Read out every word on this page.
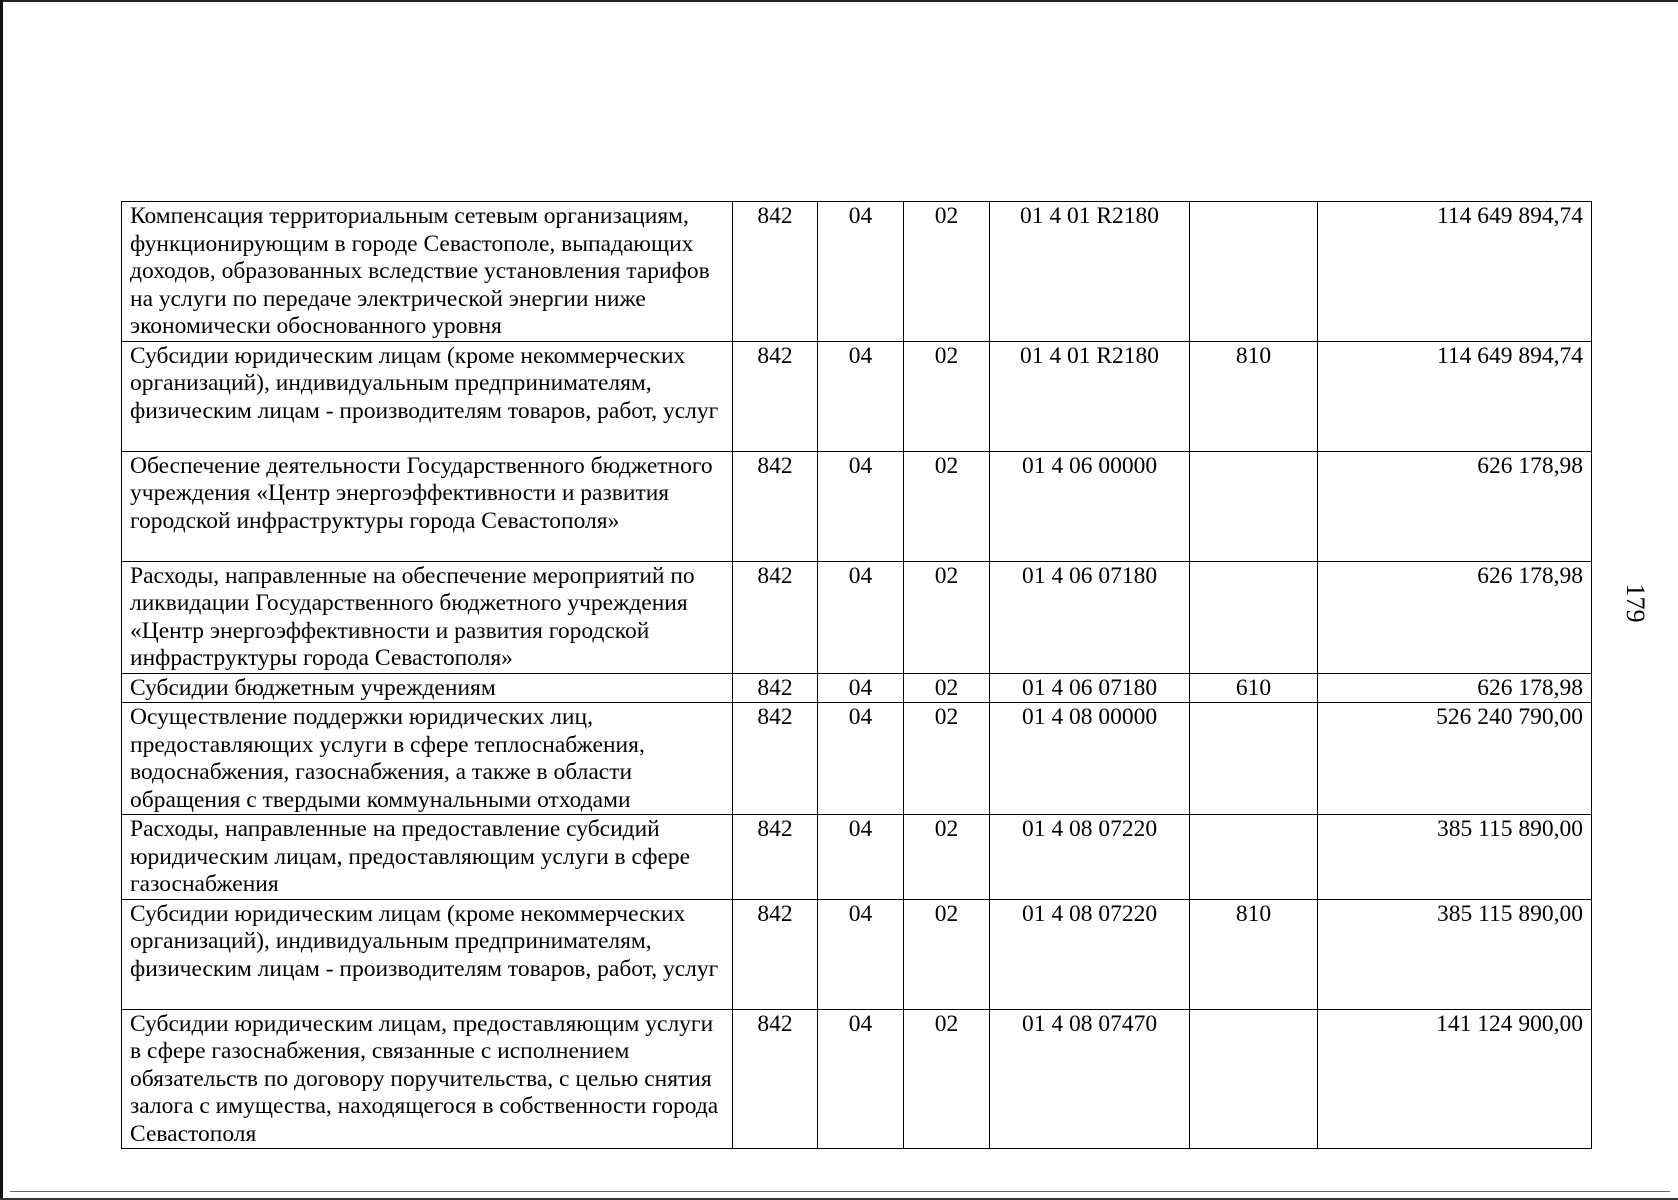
179
Компенсация территориальным сетевым организациям, функционирующим в городе Севастополе, выпадающих доходов, образованных вследствие установления тарифов на услуги по передаче электрической энергии ниже экономически обоснованного уровня	842	04	02	01 4 01 R2180		114 649 894,74
Субсидии юридическим лицам (кроме некоммерческих организаций), индивидуальным предпринимателям, физическим лицам - производителям товаров, работ, услуг	842	04	02	01 4 01 R2180	810	114 649 894,74
Обеспечение деятельности Государственного бюджетного учреждения «Центр энергоэффективности и развития городской инфраструктуры города Севастополя»	842	04	02	01 4 06 00000		626 178,98
Расходы, направленные на обеспечение мероприятий по ликвидации Государственного бюджетного учреждения «Центр энергоэффективности и развития городской инфраструктуры города Севастополя»	842	04	02	01 4 06 07180		626 178,98
Субсидии бюджетным учреждениям	842	04	02	01 4 06 07180	610	626 178,98
Осуществление поддержки юридических лиц, предоставляющих услуги в сфере теплоснабжения, водоснабжения, газоснабжения, а также в области обращения с твердыми коммунальными отходами	842	04	02	01 4 08 00000		526 240 790,00
Расходы, направленные на предоставление субсидий юридическим лицам, предоставляющим услуги в сфере газоснабжения	842	04	02	01 4 08 07220		385 115 890,00
Субсидии юридическим лицам (кроме некоммерческих организаций), индивидуальным предпринимателям, физическим лицам - производителям товаров, работ, услуг	842	04	02	01 4 08 07220	810	385 115 890,00
Субсидии юридическим лицам, предоставляющим услуги в сфере газоснабжения, связанные с исполнением обязательств по договору поручительства, с целью снятия залога с имущества, находящегося в собственности города Севастополя	842	04	02	01 4 08 07470		141 124 900,00
